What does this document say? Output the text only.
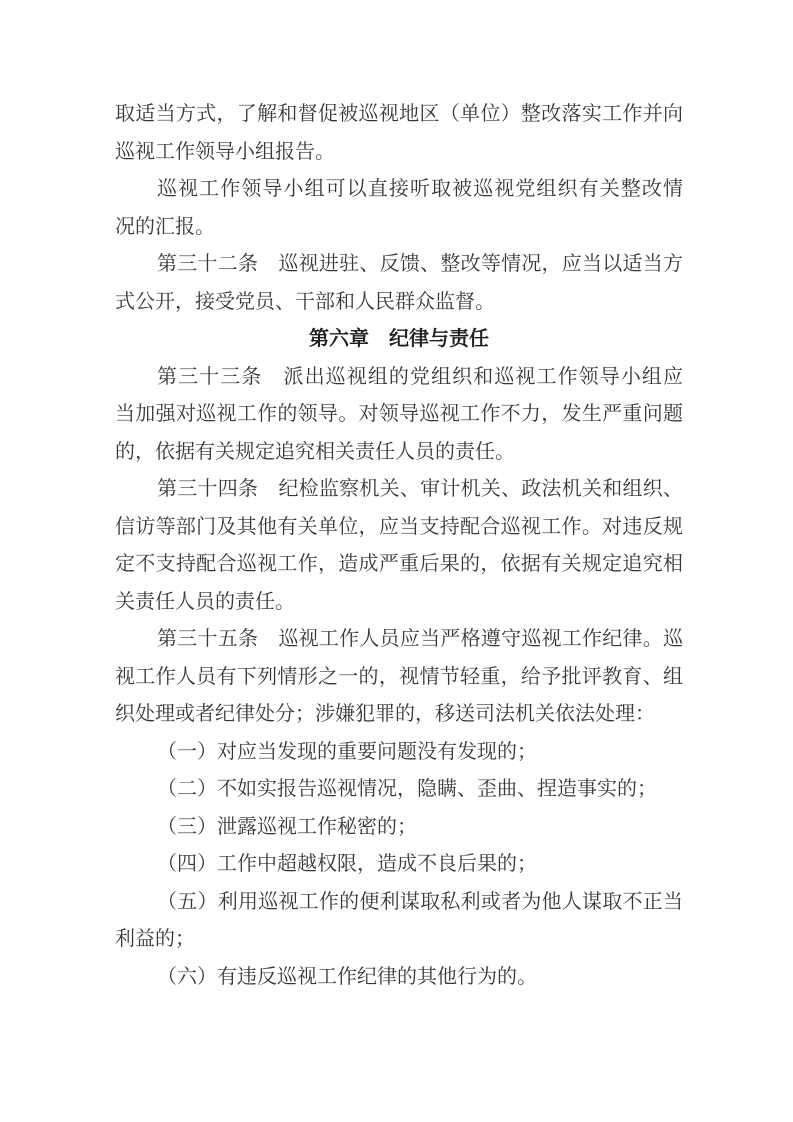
取适当方式，了解和督促被巡视地区（单位）整改落实工作并向
巡视工作领导小组报告。
巡视工作领导小组可以直接听取被巡视党组织有关整改情
况的汇报。
第三十二条　巡视进驻、反馈、整改等情况，应当以适当方
式公开，接受党员、干部和人民群众监督。
第六章　纪律与责任
第三十三条　派出巡视组的党组织和巡视工作领导小组应
当加强对巡视工作的领导。对领导巡视工作不力，发生严重问题
的，依据有关规定追究相关责任人员的责任。
第三十四条　纪检监察机关、审计机关、政法机关和组织、
信访等部门及其他有关单位，应当支持配合巡视工作。对违反规
定不支持配合巡视工作，造成严重后果的，依据有关规定追究相
关责任人员的责任。
第三十五条　巡视工作人员应当严格遵守巡视工作纪律。巡
视工作人员有下列情形之一的，视情节轻重，给予批评教育、组
织处理或者纪律处分；涉嫌犯罪的，移送司法机关依法处理：
（一）对应当发现的重要问题没有发现的；
（二）不如实报告巡视情况，隐瞒、歪曲、捏造事实的；
（三）泄露巡视工作秘密的；
（四）工作中超越权限，造成不良后果的；
（五）利用巡视工作的便利谋取私利或者为他人谋取不正当
利益的；
（六）有违反巡视工作纪律的其他行为的。
